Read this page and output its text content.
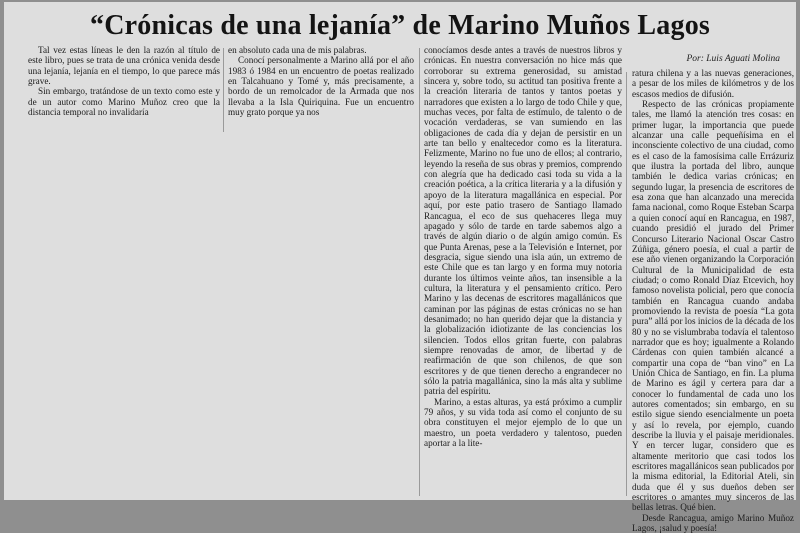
“Crónicas de una lejanía” de Marino Muños Lagos

Tal vez estas líneas le den la razón al título de este libro, pues se trata de una crónica venida desde una lejanía, lejanía en el tiempo, lo que parece más grave.

Sin embargo, tratándose de un texto como este y de un autor como Marino Muñoz creo que la distancia temporal no invalidaría

en absoluto cada una de mis palabras.

Conocí personalmente a Marino allá por el año 1983 ó 1984 en un encuentro de poetas realizado en Talcahuano y Tomé y, más precisamente, a bordo de un remolcador de la Armada que nos llevaba a la Isla Quiriquina. Fue un encuentro muy grato porque ya nos

conocíamos desde antes a través de nuestros libros y crónicas. En nuestra conversación no hice más que corroborar su extrema generosidad, su amistad sincera y, sobre todo, su actitud tan positiva frente a la creación literaria de tantos y tantos poetas y narradores que existen a lo largo de todo Chile y que, muchas veces, por falta de estímulo, de talento o de vocación verdaderas, se van sumiendo en las obligaciones de cada día y dejan de persistir en un arte tan bello y enaltecedor como es la literatura. Felizmente, Marino no fue uno de ellos; al contrario, leyendo la reseña de sus obras y premios, comprendo con alegría que ha dedicado casi toda su vida a la creación poética, a la crítica literaria y a la difusión y apoyo de la literatura magallánica en especial. Por aquí, por este patio trasero de Santiago llamado Rancagua, el eco de sus quehaceres llega muy apagado y sólo de tarde en tarde sabemos algo a través de algún diario o de algún amigo común. Es que Punta Arenas, pese a la Televisión e Internet, por desgracia, sigue siendo una isla aún, un extremo de este Chile que es tan largo y en forma muy notoria durante los últimos veinte años, tan insensible a la cultura, la literatura y el pensamiento crítico. Pero Marino y las decenas de escritores magallánicos que caminan por las páginas de estas crónicas no se han desanimado; no han querido dejar que la distancia y la globalización idiotizante de las conciencias los silencien. Todos ellos gritan fuerte, con palabras siempre renovadas de amor, de libertad y de reafirmación de que son chilenos, de que son escritores y de que tienen derecho a engrandecer no sólo la patria magallánica, sino la más alta y sublime patria del espíritu.

Marino, a estas alturas, ya está próximo a cumplir 79 años, y su vida toda así como el conjunto de su obra constituyen el mejor ejemplo de lo que un maestro, un poeta verdadero y talentoso, pueden aportar a la lite-

Por: Luis Aguati Molina

ratura chilena y a las nuevas generaciones, a pesar de los miles de kilómetros y de los escasos medios de difusión.

Respecto de las crónicas propiamente tales, me llamó la atención tres cosas: en primer lugar, la importancia que puede alcanzar una calle pequeñísima en el inconsciente colectivo de una ciudad, como es el caso de la famosísima calle Errázuriz que ilustra la portada del libro, aunque también le dedica varias crónicas; en segundo lugar, la presencia de escritores de esa zona que han alcanzado una merecida fama nacional, como Roque Esteban Scarpa a quien conocí aquí en Rancagua, en 1987, cuando presidió el jurado del Primer Concurso Literario Nacional Oscar Castro Zúñiga, género poesía, el cual a partir de ese año vienen organizando la Corporación Cultural de la Municipalidad de esta ciudad; o como Ronald Díaz Etcevich, hoy famoso novelista policial, pero que conocía también en Rancagua cuando andaba promoviendo la revista de poesía “La gota pura” allá por los inicios de la década de los 80 y no se vislumbraba todavía el talentoso narrador que es hoy; igualmente a Rolando Cárdenas con quien también alcancé a compartir una copa de “ban vino” en La Unión Chica de Santiago, en fin. La pluma de Marino es ágil y certera para dar a conocer lo fundamental de cada uno los autores comentados; sin embargo, en su estilo sigue siendo esencialmente un poeta y así lo revela, por ejemplo, cuando describe la lluvia y el paisaje meridionales. Y en tercer lugar, considero que es altamente meritorio que casi todos los escritores magallánicos sean publicados por la misma editorial, la Editorial Ateli, sin duda que él y sus dueños deben ser escritores o amantes muy sinceros de las bellas letras. Qué bien.

Desde Rancagua, amigo Marino Muñoz Lagos, ¡salud y poesía!
